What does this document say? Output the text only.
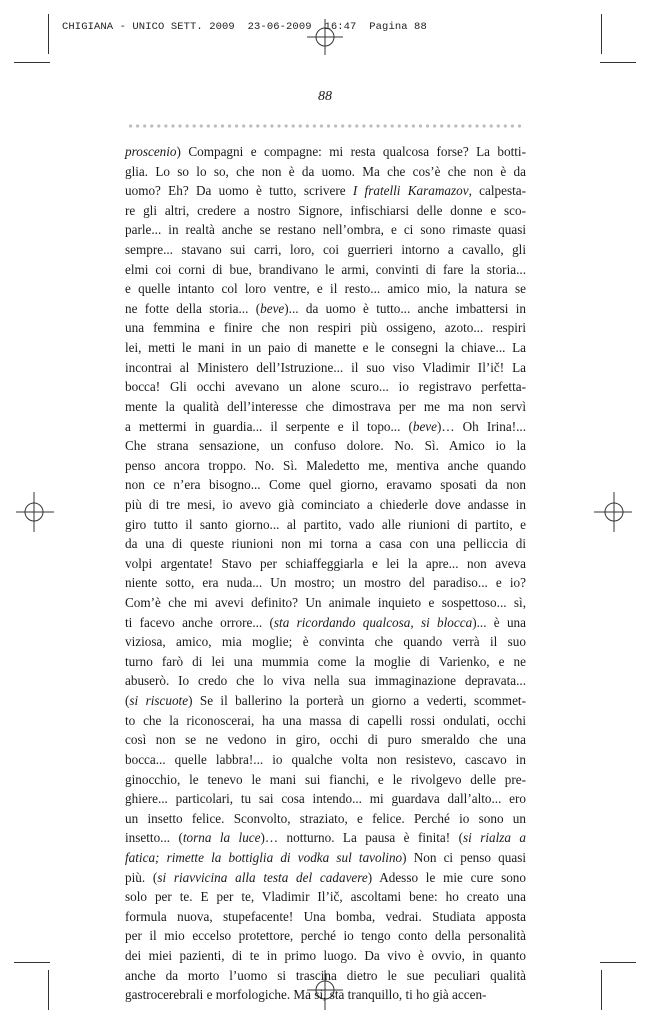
CHIGIANA - UNICO SETT. 2009  23-06-2009  16:47  Pagina 88
88
proscenio) Compagni e compagne: mi resta qualcosa forse? La botti-
glia. Lo so lo so, che non è da uomo. Ma che cos’è che non è da
uomo? Eh? Da uomo è tutto, scrivere I fratelli Karamazov, calpesta-
re gli altri, credere a nostro Signore, infischiarsi delle donne e sco-
parle... in realtà anche se restano nell’ombra, e ci sono rimaste quasi
sempre... stavano sui carri, loro, coi guerrieri intorno a cavallo, gli
elmi coi corni di bue, brandivano le armi, convinti di fare la storia...
e quelle intanto col loro ventre, e il resto... amico mio, la natura se
ne fotte della storia... (beve)... da uomo è tutto... anche imbattersi in
una femmina e finire che non respiri più ossigeno, azoto... respiri
lei, metti le mani in un paio di manette e le consegni la chiave... La
incontrai al Ministero dell’Istruzione... il suo viso Vladimir Il’ič! La
bocca! Gli occhi avevano un alone scuro... io registravo perfetta-
mente la qualità dell’interesse che dimostrava per me ma non servì
a mettermi in guardia... il serpente e il topo... (beve)… Oh Irina!...
Che strana sensazione, un confuso dolore. No. Sì. Amico io la
penso ancora troppo. No. Sì. Maledetto me, mentiva anche quando
non ce n’era bisogno... Come quel giorno, eravamo sposati da non
più di tre mesi, io avevo già cominciato a chiederle dove andasse in
giro tutto il santo giorno... al partito, vado alle riunioni di partito, e
da una di queste riunioni non mi torna a casa con una pelliccia di
volpi argentate! Stavo per schiaffeggiarla e lei la apre... non aveva
niente sotto, era nuda... Un mostro; un mostro del paradiso... e io?
Com’è che mi avevi definito? Un animale inquieto e sospettoso... sì,
ti facevo anche orrore... (sta ricordando qualcosa, si blocca)... è una
viziosa, amico, mia moglie; è convinta che quando verrà il suo
turno farò di lei una mummia come la moglie di Varienko, e ne
abuserò. Io credo che lo viva nella sua immaginazione depravata...
(si riscuote) Se il ballerino la porterà un giorno a vederti, scommet-
to che la riconoscerai, ha una massa di capelli rossi ondulati, occhi
così non se ne vedono in giro, occhi di puro smeraldo che una
bocca... quelle labbra!... io qualche volta non resistevo, cascavo in
ginocchio, le tenevo le mani sui fianchi, e le rivolgevo delle pre-
ghiere... particolari, tu sai cosa intendo... mi guardava dall’alto... ero
un insetto felice. Sconvolto, straziato, e felice. Perché io sono un
insetto... (torna la luce)… notturno. La pausa è finita! (si rialza a
fatica; rimette la bottiglia di vodka sul tavolino) Non ci penso quasi
più. (si riavvicina alla testa del cadavere) Adesso le mie cure sono
solo per te. E per te, Vladimir Il’ič, ascoltami bene: ho creato una
formula nuova, stupefacente! Una bomba, vedrai. Studiata apposta
per il mio eccelso protettore, perché io tengo conto della personalità
dei miei pazienti, di te in primo luogo. Da vivo è ovvio, in quanto
anche da morto l’uomo si trascina dietro le sue peculiari qualità
gastrocerebrali e morfologiche. Ma sì, sta tranquillo, ti ho già accen-
